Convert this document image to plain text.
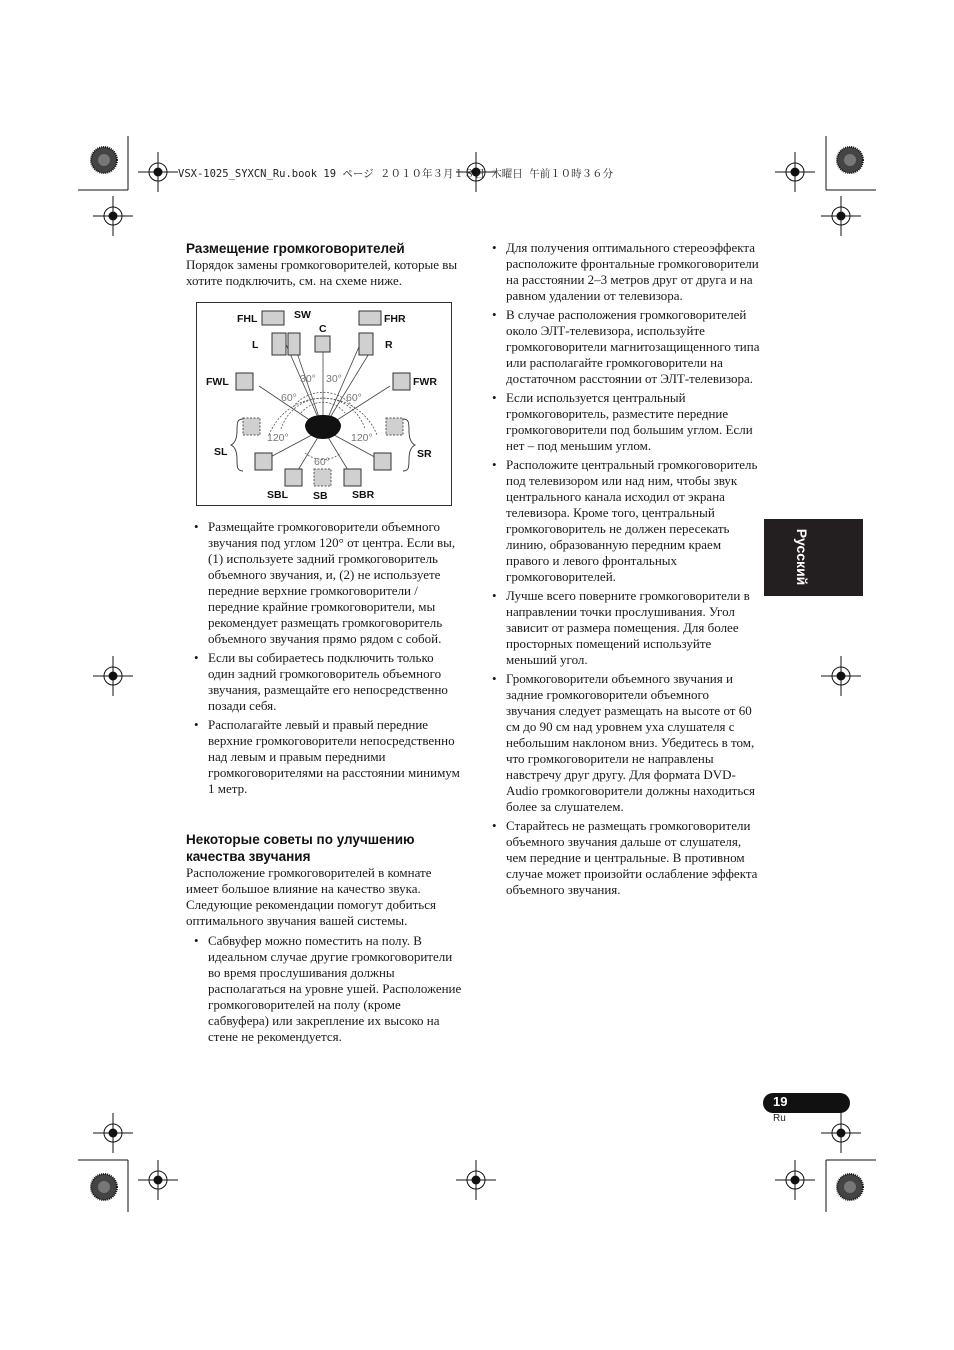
VSX-1025_SYXCN_Ru.book 19 ページ ２０１０年３月１８日 木曜日 午前１０時３６分
Размещение громкоговорителей

Порядок замены громкоговорителей, которые вы хотите подключить, см. на схеме ниже.

FHL	SW
C
FHR
L	R
FWL	FWR
SL	SR
SBL SB SBR
30° 30°
60°	60°
120°	120°
60°
• Размещайте громкоговорители объемного звучания под углом 120° от центра. Если вы, (1) используете задний громкоговоритель объемного звучания, и, (2) не используете передние верхние громкоговорители / передние крайние громкоговорители, мы рекомендует размещать громкоговоритель объемного звучания прямо рядом с собой.
• Если вы собираетесь подключить только один задний громкоговоритель объемного звучания, размещайте его непосредственно позади себя.
• Располагайте левый и правый передние верхние громкоговорители непосредственно над левым и правым передними громкоговорителями на расстоянии минимум 1 метр.
Некоторые советы по улучшению качества звучания

Расположение громкоговорителей в комнате имеет большое влияние на качество звука. Следующие рекомендации помогут добиться оптимального звучания вашей системы.

• Сабвуфер можно поместить на полу. В идеальном случае другие громкоговорители во время прослушивания должны располагаться на уровне ушей. Расположение громкоговорителей на полу (кроме сабвуфера) или закрепление их высоко на стене не рекомендуется.
• Для получения оптимального стереоэффекта расположите фронтальные громкоговорители на расстоянии 2–3 метров друг от друга и на равном удалении от телевизора.
• В случае расположения громкоговорителей около ЭЛТ-телевизора, используйте громкоговорители магнитозащищенного типа или располагайте громкоговорители на достаточном расстоянии от ЭЛТ-телевизора.
• Если используется центральный громкоговоритель, разместите передние громкоговорители под большим углом. Если нет – под меньшим углом.
• Расположите центральный громкоговоритель под телевизором или над ним, чтобы звук центрального канала исходил от экрана телевизора. Кроме того, центральный громкоговоритель не должен пересекать линию, образованную передним краем правого и левого фронтальных громкоговорителей.
• Лучше всего поверните громкоговорители в направлении точки прослушивания. Угол зависит от размера помещения. Для более просторных помещений используйте меньший угол.
• Громкоговорители объемного звучания и задние громкоговорители объемного звучания следует размещать на высоте от 60 см до 90 см над уровнем уха слушателя с небольшим наклоном вниз. Убедитесь в том, что громкоговорители не направлены навстречу друг другу. Для формата DVD-Audio громкоговорители должны находиться более за слушателем.
• Старайтесь не размещать громкоговорители объемного звучания дальше от слушателя, чем передние и центральные. В противном случае может произойти ослабление эффекта объемного звучания.
Русский
19
Ru
